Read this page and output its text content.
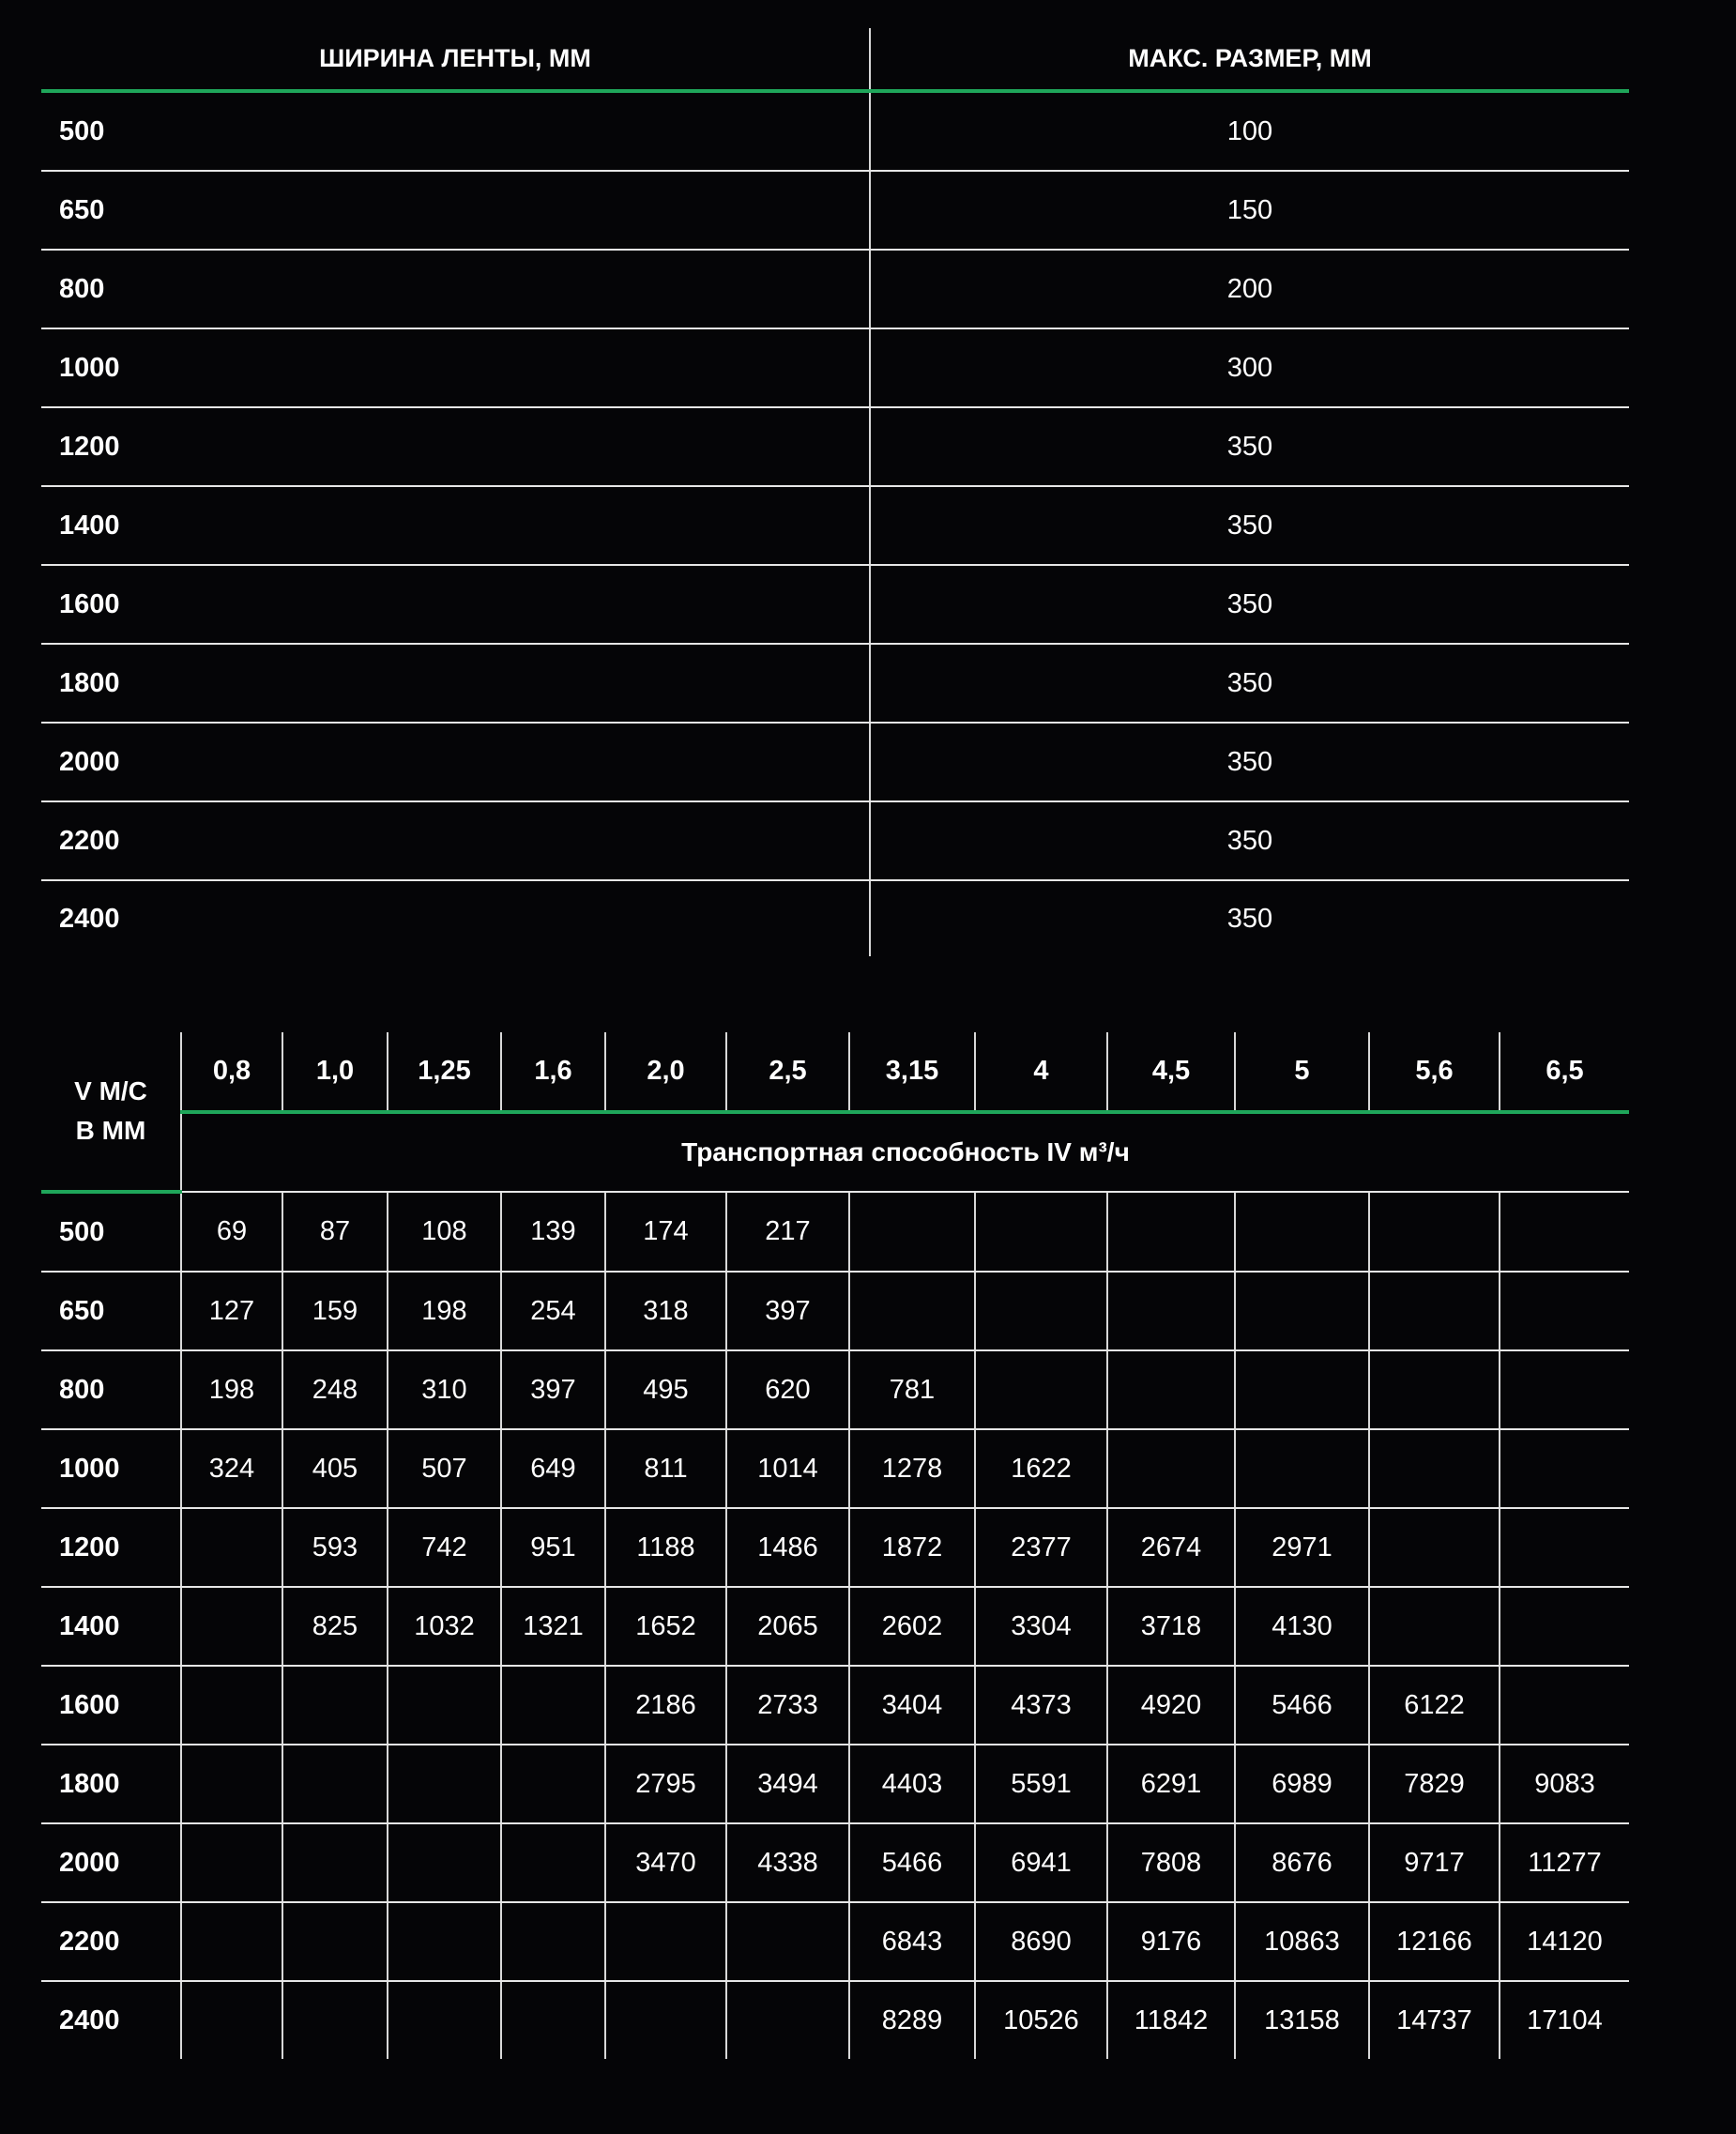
ШИРИНА ЛЕНТЫ, ММ	МАКС. РАЗМЕР, ММ
500	100
650	150
800	200
1000	300
1200	350
1400	350
1600	350
1800	350
2000	350
2200	350
2400	350
V М/С
В ММ	0,8	1,0	1,25	1,6	2,0	2,5	3,15	4	4,5	5	5,6	6,5
	Транспортная способность IV м³/ч											
500	69	87	108	139	174	217						
650	127	159	198	254	318	397						
800	198	248	310	397	495	620	781					
1000	324	405	507	649	811	1014	1278	1622				
1200		593	742	951	1188	1486	1872	2377	2674	2971		
1400		825	1032	1321	1652	2065	2602	3304	3718	4130		
1600					2186	2733	3404	4373	4920	5466	6122	
1800					2795	3494	4403	5591	6291	6989	7829	9083
2000					3470	4338	5466	6941	7808	8676	9717	11277
2200							6843	8690	9176	10863	12166	14120
2400							8289	10526	11842	13158	14737	17104
